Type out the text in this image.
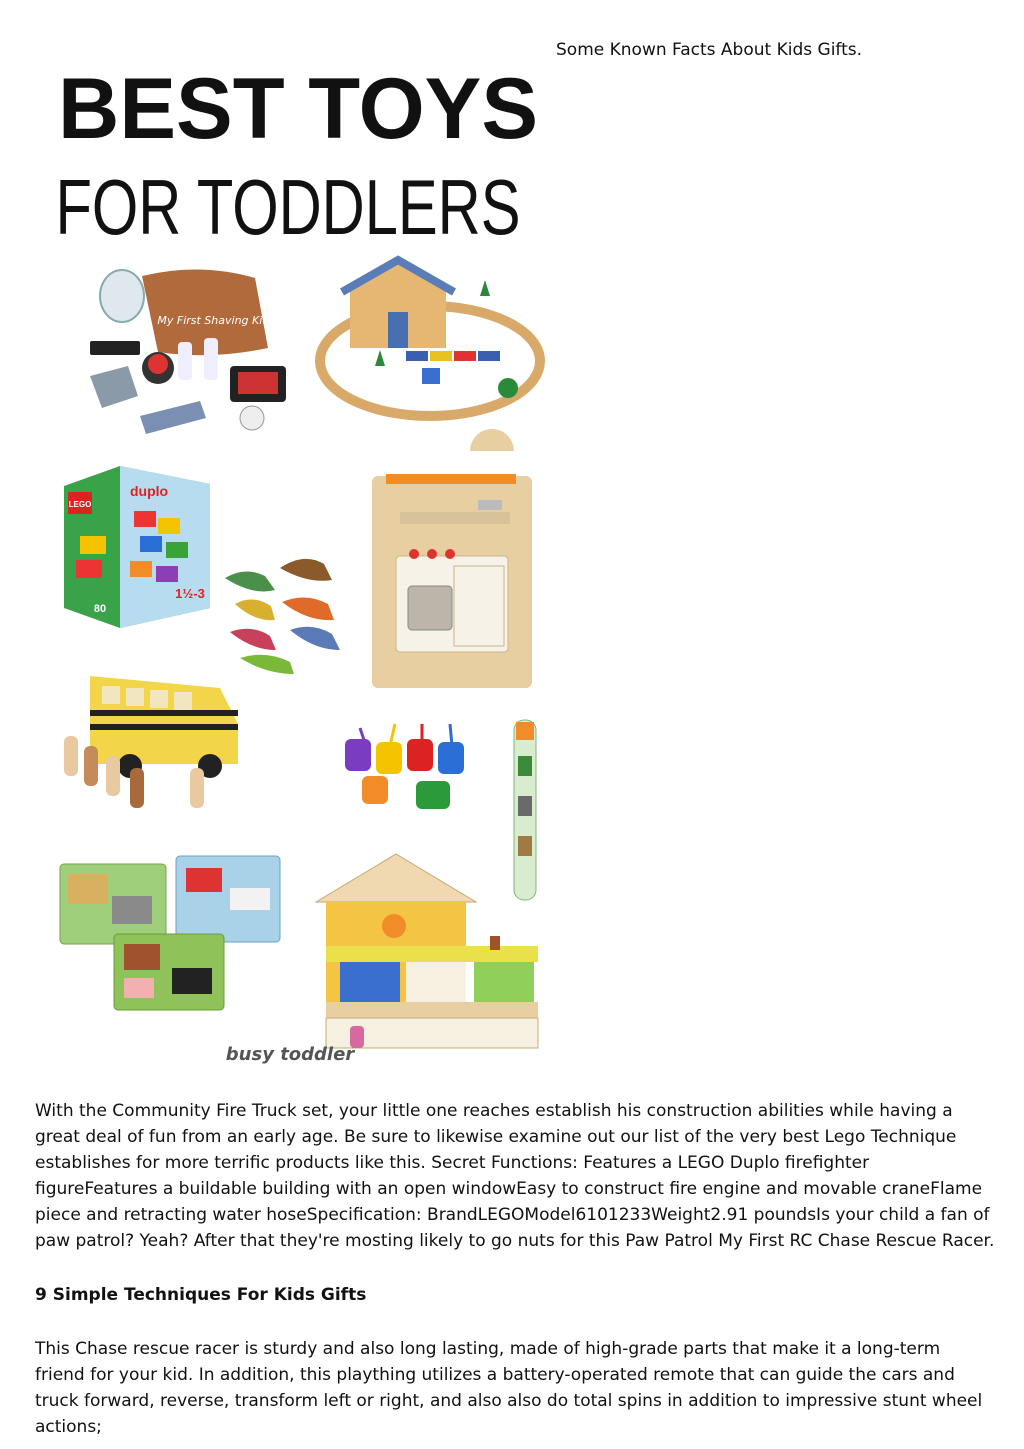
Some Known Facts About Kids Gifts.
BEST TOYS
FOR TODDLERS
My First Shaving Kit
LEGO
duplo
1½-3
80
busy toddler

With the Community Fire Truck set, your little one reaches establish his construction abilities while having a great deal of fun from an early age. Be sure to likewise examine out our list of the very best Lego Technique establishes for more terrific products like this. Secret Functions: Features a LEGO Duplo firefighter figureFeatures a buildable building with an open windowEasy to construct fire engine and movable craneFlame piece and retracting water hoseSpecification: BrandLEGOModel6101233Weight2.91 poundsIs your child a fan of paw patrol? Yeah? After that they're mosting likely to go nuts for this Paw Patrol My First RC Chase Rescue Racer.

9 Simple Techniques For Kids Gifts

This Chase rescue racer is sturdy and also long lasting, made of high-grade parts that make it a long-term friend for your kid. In addition, this plaything utilizes a battery-operated remote that can guide the cars and truck forward, reverse, transform left or right, and also also do total spins in addition to impressive stunt wheel actions;
